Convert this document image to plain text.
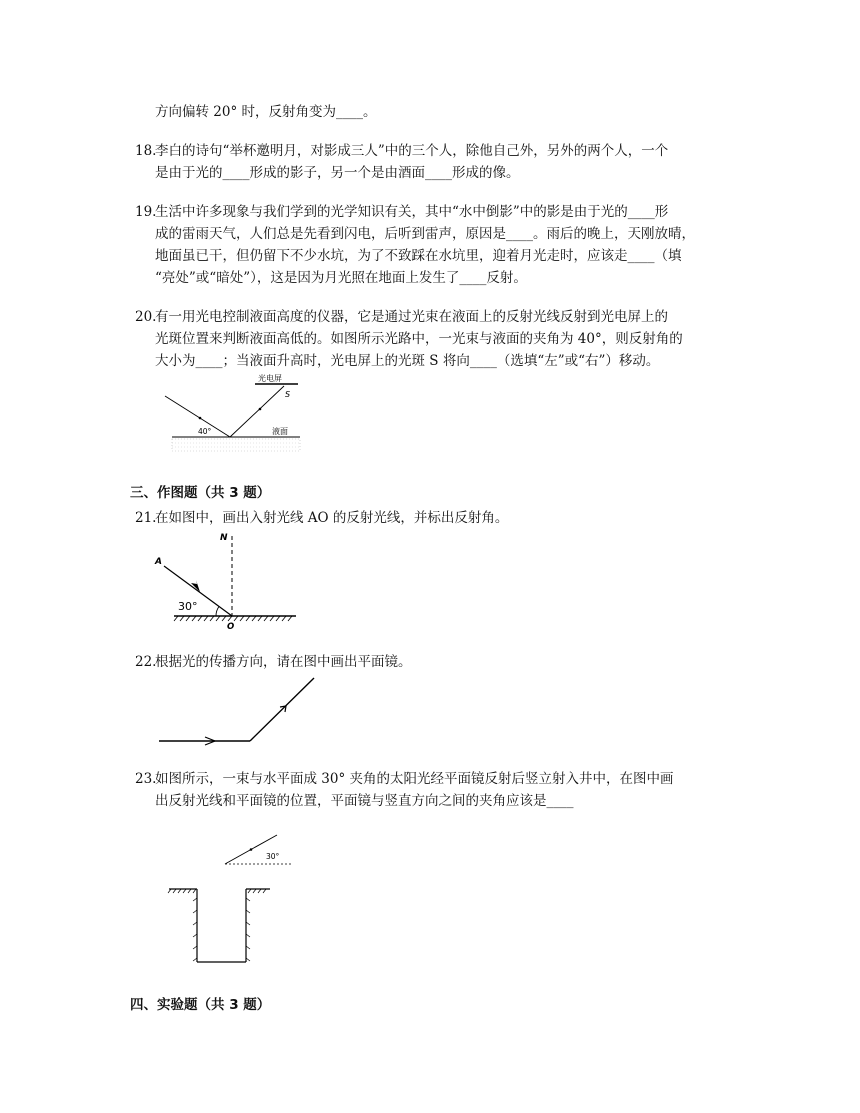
方向偏转 20° 时，反射角变为____。
18.
李白的诗句“举杯邀明月，对影成三人”中的三个人，除他自己外，另外的两个人，一个
是由于光的____形成的影子，另一个是由酒面____形成的像。
19.
生活中许多现象与我们学到的光学知识有关，其中“水中倒影”中的影是由于光的____形
成的雷雨天气，人们总是先看到闪电，后听到雷声，原因是____。雨后的晚上，天刚放晴，
地面虽已干，但仍留下不少水坑，为了不致踩在水坑里，迎着月光走时，应该走____（填
“亮处”或“暗处”），这是因为月光照在地面上发生了____反射。
20.
有一用光电控制液面高度的仪器，它是通过光束在液面上的反射光线反射到光电屏上的
光斑位置来判断液面高低的。如图所示光路中，一光束与液面的夹角为 40°，则反射角的
大小为____；当液面升高时，光电屏上的光斑 S 将向____（选填“左”或“右”）移动。
光电屏
S
40°	液面
三、作图题（共 3 题）
21.
在如图中，画出入射光线 AO 的反射光线，并标出反射角。
N
A
30°
O
22.
根据光的传播方向，请在图中画出平面镜。
23.
如图所示，一束与水平面成 30° 夹角的太阳光经平面镜反射后竖立射入井中，在图中画
出反射光线和平面镜的位置，平面镜与竖直方向之间的夹角应该是____
30°
四、实验题（共 3 题）
